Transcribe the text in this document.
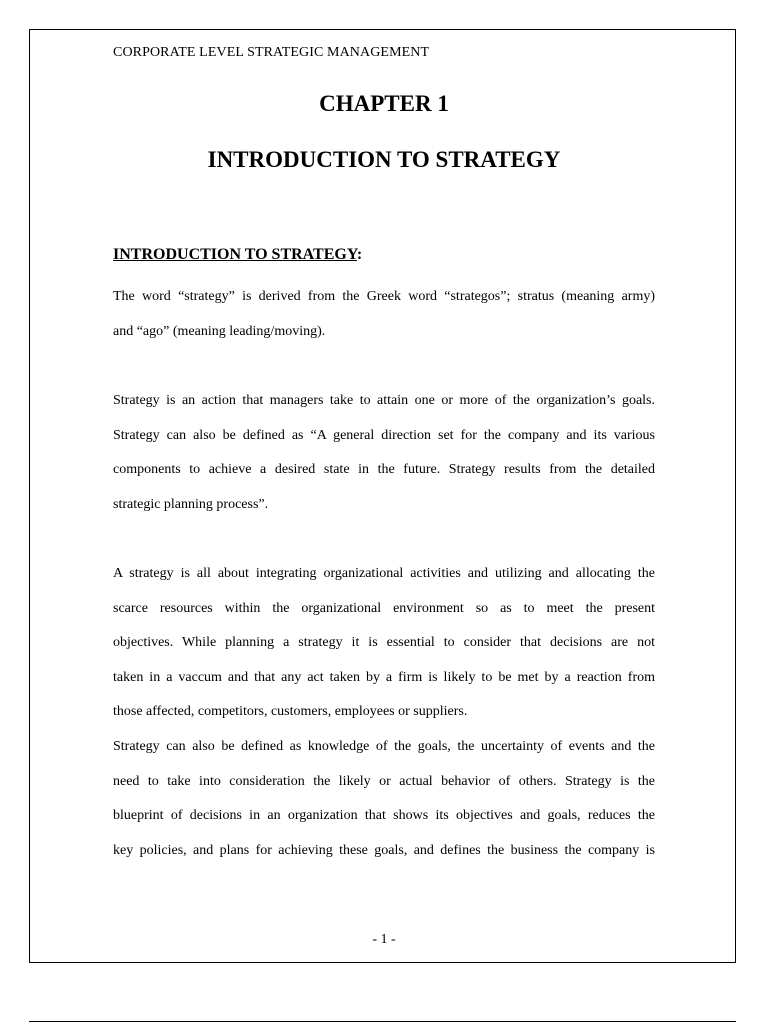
CORPORATE LEVEL STRATEGIC MANAGEMENT
CHAPTER 1
INTRODUCTION TO STRATEGY
INTRODUCTION TO STRATEGY:
The word “strategy” is derived from the Greek word “strategos”; stratus (meaning army)
and “ago” (meaning leading/moving).
Strategy is an action that managers take to attain one or more of the organization’s goals.
Strategy can also be defined as “A general direction set for the company and its various
components to achieve a desired state in the future. Strategy results from the detailed
strategic planning process”.
A strategy is all about integrating organizational activities and utilizing and allocating the
scarce resources within the organizational environment so as to meet the present
objectives. While planning a strategy it is essential to consider that decisions are not
taken in a vaccum and that any act taken by a firm is likely to be met by a reaction from
those affected, competitors, customers, employees or suppliers.
Strategy can also be defined as knowledge of the goals, the uncertainty of events and the
need to take into consideration the likely or actual behavior of others. Strategy is the
blueprint of decisions in an organization that shows its objectives and goals, reduces the
key policies, and plans for achieving these goals, and defines the business the company is
- 1 -
